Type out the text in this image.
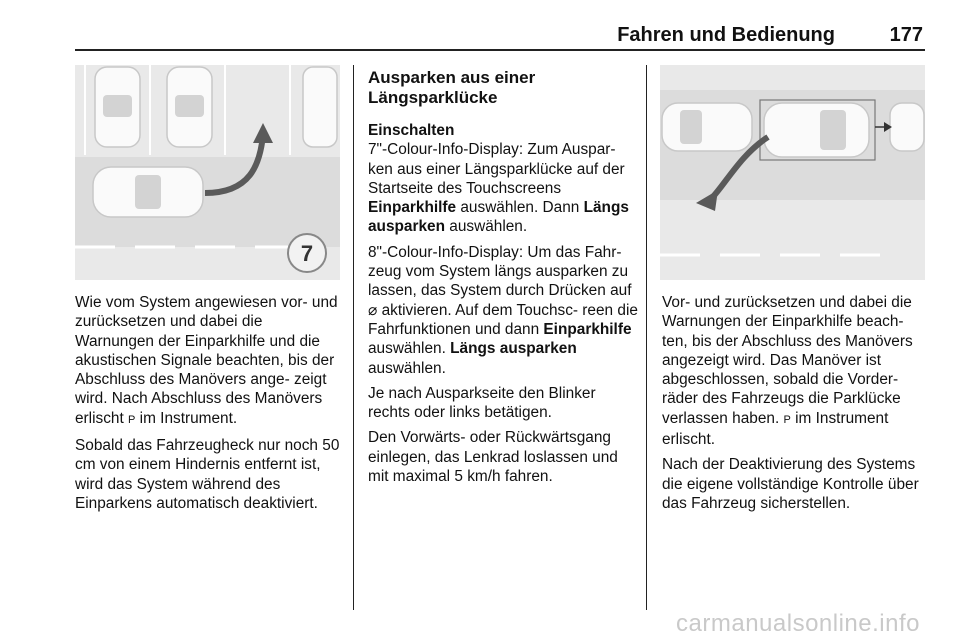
Fahren und Bedienung	177
7

Wie vom System angewiesen vor- und zurücksetzen und dabei die Warnungen der Einparkhilfe und die akustischen Signale beachten, bis der Abschluss des Manövers ange- zeigt wird. Nach Abschluss des Manövers erlischt P im Instrument.

Sobald das Fahrzeugheck nur noch 50 cm von einem Hindernis entfernt ist, wird das System während des Einparkens automatisch deaktiviert.

Ausparken aus einer
Längsparklücke

Einschalten

7"-Colour-Info-Display: Zum Auspar- ken aus einer Längsparklücke auf der Startseite des Touchscreens Einparkhilfe auswählen. Dann Längs ausparken auswählen.

8"-Colour-Info-Display: Um das Fahr- zeug vom System längs ausparken zu lassen, das System durch Drücken auf ⌀ aktivieren. Auf dem Touchsc- reen die Fahrfunktionen und dann Einparkhilfe auswählen. Längs ausparken auswählen.

Je nach Ausparkseite den Blinker rechts oder links betätigen.

Den Vorwärts- oder Rückwärtsgang einlegen, das Lenkrad loslassen und mit maximal 5 km/h fahren.

Vor- und zurücksetzen und dabei die Warnungen der Einparkhilfe beach- ten, bis der Abschluss des Manövers angezeigt wird. Das Manöver ist abgeschlossen, sobald die Vorder- räder des Fahrzeugs die Parklücke verlassen haben. P im Instrument erlischt.

Nach der Deaktivierung des Systems die eigene vollständige Kontrolle über das Fahrzeug sicherstellen.

carmanualsonline.info
